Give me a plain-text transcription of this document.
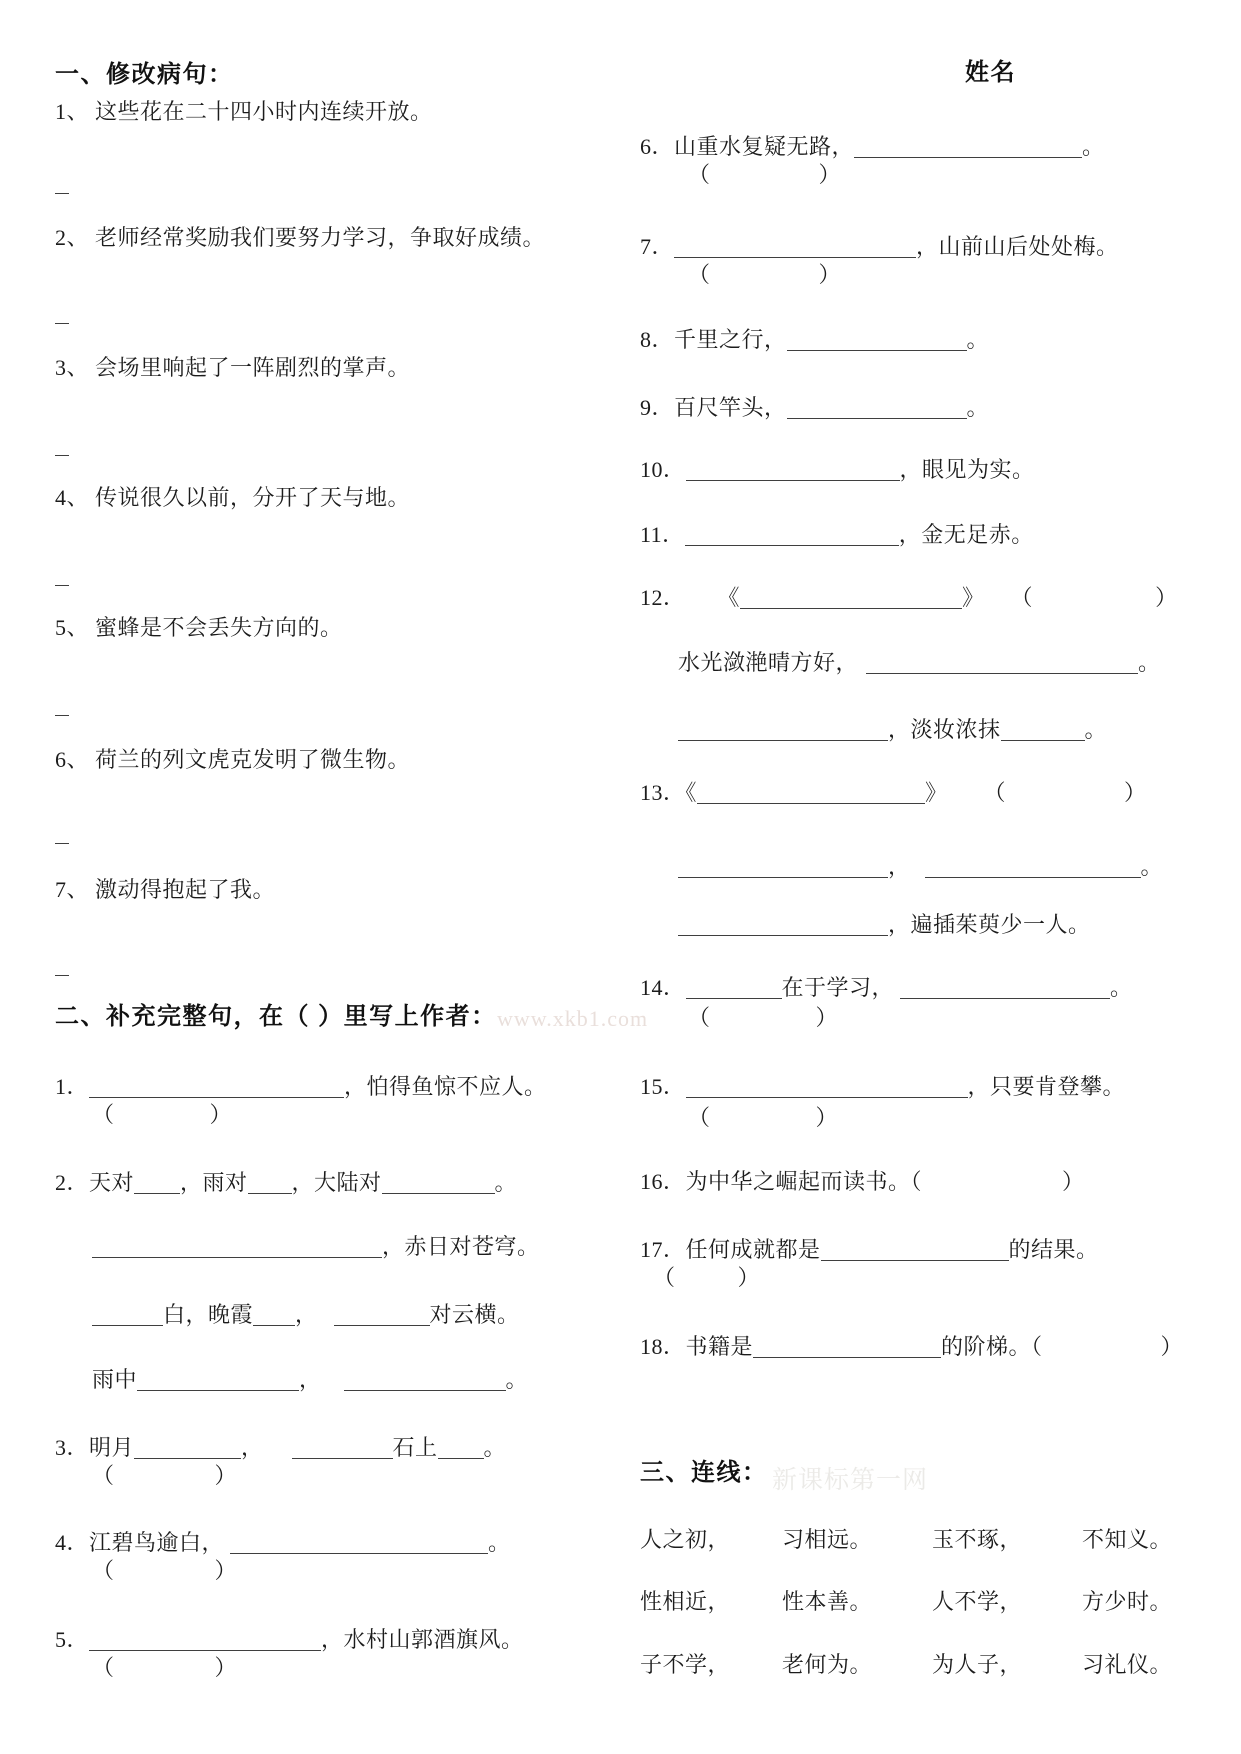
www.xkb1.com
新课标第一网
一、修改病句：
1、 这些花在二十四小时内连续开放。
2、 老师经常奖励我们要努力学习，争取好成绩。
3、 会场里响起了一阵剧烈的掌声。
4、 传说很久以前，分开了天与地。
5、 蜜蜂是不会丢失方向的。
6、 荷兰的列文虎克发明了微生物。
7、 激动得抱起了我。
二、补充完整句，在（ ）里写上作者：
1．	，怕得鱼惊不应人。
（	）
2．天对 ，雨对 ，大陆对	。
，赤日对苍穹。
白，晚霞 ，	对云横。
雨中	，	。
3．明月	，	石上 。
（	）
4．江碧鸟逾白，	。
（	）
5．	，水村山郭酒旗风。
（	）
姓名
6．山重水复疑无路，	。
（	）
7．	，山前山后处处梅。
（	）
8．千里之行，	。
9．百尺竿头，	。
10．	，眼见为实。
11．	，金无足赤。
12． 《	》 （	）
水光潋滟晴方好，	。
，淡妆浓抹	。
13．《	》 （	）
，	。
，遍插茱萸少一人。
14．	在于学习，	。
（	）
15．	，只要肯登攀。
（	）
16．为中华之崛起而读书。（	）
17．任何成就都是	的结果。
（	）
18．书籍是	的阶梯。（	）
三、连线：
人之初， 习相远。	玉不琢，	不知义。
性相近， 性本善。	人不学，	方少时。
子不学， 老何为。	为人子，	习礼仪。
